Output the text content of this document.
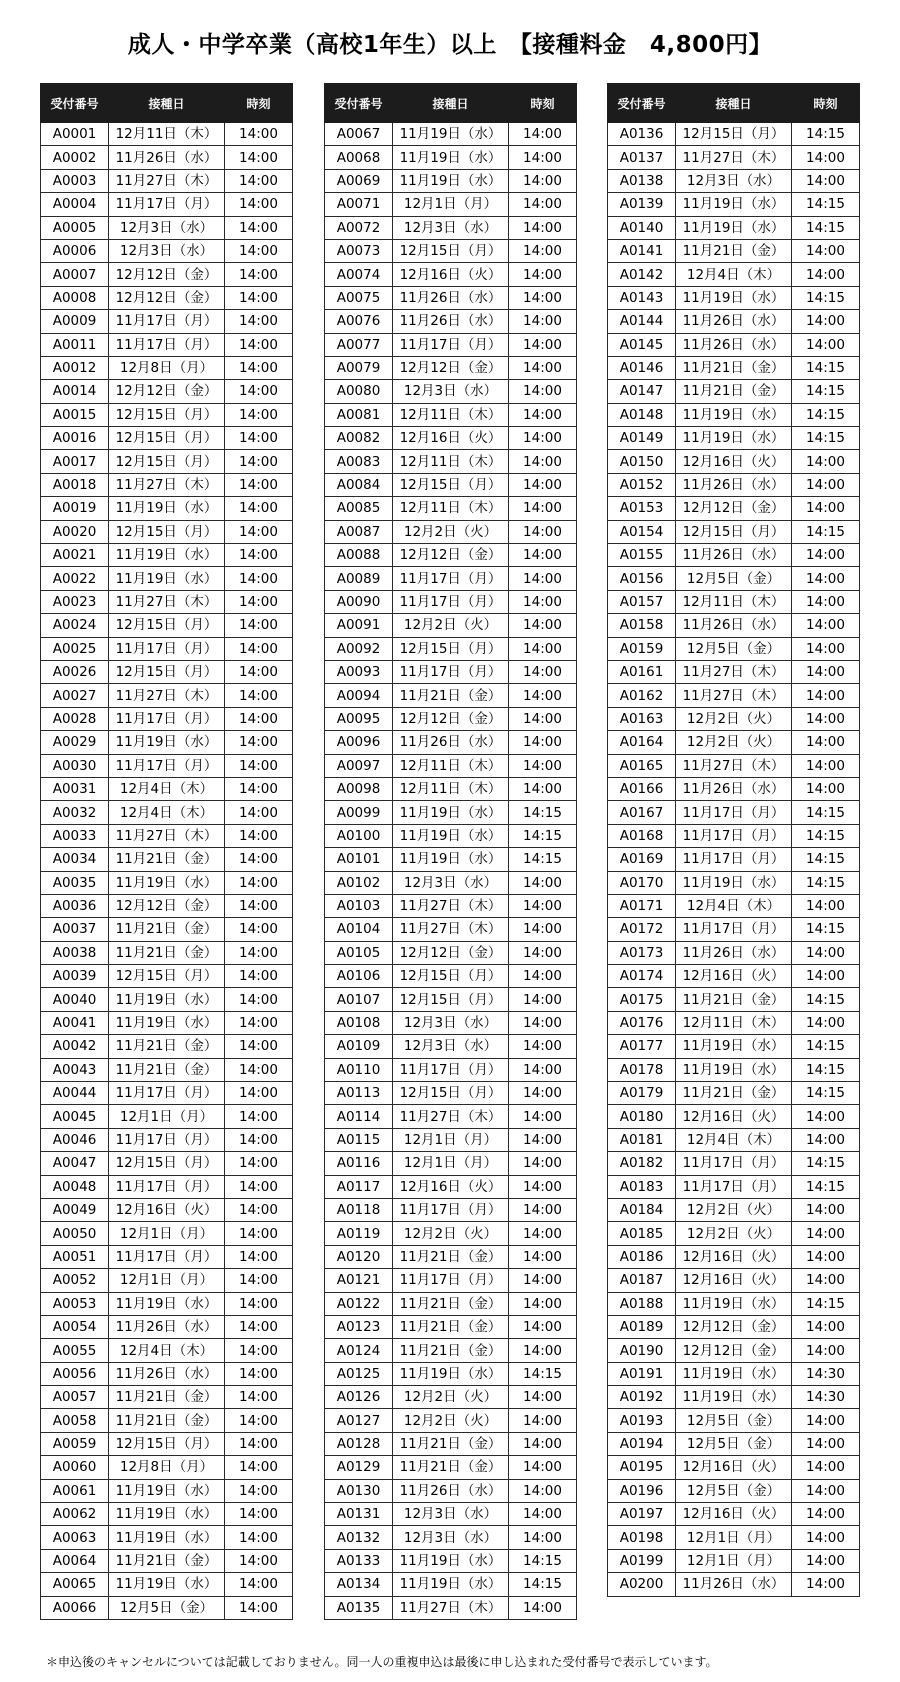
成人・中学卒業（高校1年生）以上　【接種料金　4,800円】
受付番号	接種日	時刻
A0001	12月11日（木）	14:00
A0002	11月26日（水）	14:00
A0003	11月27日（木）	14:00
A0004	11月17日（月）	14:00
A0005	12月3日（水）	14:00
A0006	12月3日（水）	14:00
A0007	12月12日（金）	14:00
A0008	12月12日（金）	14:00
A0009	11月17日（月）	14:00
A0011	11月17日（月）	14:00
A0012	12月8日（月）	14:00
A0014	12月12日（金）	14:00
A0015	12月15日（月）	14:00
A0016	12月15日（月）	14:00
A0017	12月15日（月）	14:00
A0018	11月27日（木）	14:00
A0019	11月19日（水）	14:00
A0020	12月15日（月）	14:00
A0021	11月19日（水）	14:00
A0022	11月19日（水）	14:00
A0023	11月27日（木）	14:00
A0024	12月15日（月）	14:00
A0025	11月17日（月）	14:00
A0026	12月15日（月）	14:00
A0027	11月27日（木）	14:00
A0028	11月17日（月）	14:00
A0029	11月19日（水）	14:00
A0030	11月17日（月）	14:00
A0031	12月4日（木）	14:00
A0032	12月4日（木）	14:00
A0033	11月27日（木）	14:00
A0034	11月21日（金）	14:00
A0035	11月19日（水）	14:00
A0036	12月12日（金）	14:00
A0037	11月21日（金）	14:00
A0038	11月21日（金）	14:00
A0039	12月15日（月）	14:00
A0040	11月19日（水）	14:00
A0041	11月19日（水）	14:00
A0042	11月21日（金）	14:00
A0043	11月21日（金）	14:00
A0044	11月17日（月）	14:00
A0045	12月1日（月）	14:00
A0046	11月17日（月）	14:00
A0047	12月15日（月）	14:00
A0048	11月17日（月）	14:00
A0049	12月16日（火）	14:00
A0050	12月1日（月）	14:00
A0051	11月17日（月）	14:00
A0052	12月1日（月）	14:00
A0053	11月19日（水）	14:00
A0054	11月26日（水）	14:00
A0055	12月4日（木）	14:00
A0056	11月26日（水）	14:00
A0057	11月21日（金）	14:00
A0058	11月21日（金）	14:00
A0059	12月15日（月）	14:00
A0060	12月8日（月）	14:00
A0061	11月19日（水）	14:00
A0062	11月19日（水）	14:00
A0063	11月19日（水）	14:00
A0064	11月21日（金）	14:00
A0065	11月19日（水）	14:00
A0066	12月5日（金）	14:00
受付番号	接種日	時刻
A0067	11月19日（水）	14:00
A0068	11月19日（水）	14:00
A0069	11月19日（水）	14:00
A0071	12月1日（月）	14:00
A0072	12月3日（水）	14:00
A0073	12月15日（月）	14:00
A0074	12月16日（火）	14:00
A0075	11月26日（水）	14:00
A0076	11月26日（水）	14:00
A0077	11月17日（月）	14:00
A0079	12月12日（金）	14:00
A0080	12月3日（水）	14:00
A0081	12月11日（木）	14:00
A0082	12月16日（火）	14:00
A0083	12月11日（木）	14:00
A0084	12月15日（月）	14:00
A0085	12月11日（木）	14:00
A0087	12月2日（火）	14:00
A0088	12月12日（金）	14:00
A0089	11月17日（月）	14:00
A0090	11月17日（月）	14:00
A0091	12月2日（火）	14:00
A0092	12月15日（月）	14:00
A0093	11月17日（月）	14:00
A0094	11月21日（金）	14:00
A0095	12月12日（金）	14:00
A0096	11月26日（水）	14:00
A0097	12月11日（木）	14:00
A0098	12月11日（木）	14:00
A0099	11月19日（水）	14:15
A0100	11月19日（水）	14:15
A0101	11月19日（水）	14:15
A0102	12月3日（水）	14:00
A0103	11月27日（木）	14:00
A0104	11月27日（木）	14:00
A0105	12月12日（金）	14:00
A0106	12月15日（月）	14:00
A0107	12月15日（月）	14:00
A0108	12月3日（水）	14:00
A0109	12月3日（水）	14:00
A0110	11月17日（月）	14:00
A0113	12月15日（月）	14:00
A0114	11月27日（木）	14:00
A0115	12月1日（月）	14:00
A0116	12月1日（月）	14:00
A0117	12月16日（火）	14:00
A0118	11月17日（月）	14:00
A0119	12月2日（火）	14:00
A0120	11月21日（金）	14:00
A0121	11月17日（月）	14:00
A0122	11月21日（金）	14:00
A0123	11月21日（金）	14:00
A0124	11月21日（金）	14:00
A0125	11月19日（水）	14:15
A0126	12月2日（火）	14:00
A0127	12月2日（火）	14:00
A0128	11月21日（金）	14:00
A0129	11月21日（金）	14:00
A0130	11月26日（水）	14:00
A0131	12月3日（水）	14:00
A0132	12月3日（水）	14:00
A0133	11月19日（水）	14:15
A0134	11月19日（水）	14:15
A0135	11月27日（木）	14:00
受付番号	接種日	時刻
A0136	12月15日（月）	14:15
A0137	11月27日（木）	14:00
A0138	12月3日（水）	14:00
A0139	11月19日（水）	14:15
A0140	11月19日（水）	14:15
A0141	11月21日（金）	14:00
A0142	12月4日（木）	14:00
A0143	11月19日（水）	14:15
A0144	11月26日（水）	14:00
A0145	11月26日（水）	14:00
A0146	11月21日（金）	14:15
A0147	11月21日（金）	14:15
A0148	11月19日（水）	14:15
A0149	11月19日（水）	14:15
A0150	12月16日（火）	14:00
A0152	11月26日（水）	14:00
A0153	12月12日（金）	14:00
A0154	12月15日（月）	14:15
A0155	11月26日（水）	14:00
A0156	12月5日（金）	14:00
A0157	12月11日（木）	14:00
A0158	11月26日（水）	14:00
A0159	12月5日（金）	14:00
A0161	11月27日（木）	14:00
A0162	11月27日（木）	14:00
A0163	12月2日（火）	14:00
A0164	12月2日（火）	14:00
A0165	11月27日（木）	14:00
A0166	11月26日（水）	14:00
A0167	11月17日（月）	14:15
A0168	11月17日（月）	14:15
A0169	11月17日（月）	14:15
A0170	11月19日（水）	14:15
A0171	12月4日（木）	14:00
A0172	11月17日（月）	14:15
A0173	11月26日（水）	14:00
A0174	12月16日（火）	14:00
A0175	11月21日（金）	14:15
A0176	12月11日（木）	14:00
A0177	11月19日（水）	14:15
A0178	11月19日（水）	14:15
A0179	11月21日（金）	14:15
A0180	12月16日（火）	14:00
A0181	12月4日（木）	14:00
A0182	11月17日（月）	14:15
A0183	11月17日（月）	14:15
A0184	12月2日（火）	14:00
A0185	12月2日（火）	14:00
A0186	12月16日（火）	14:00
A0187	12月16日（火）	14:00
A0188	11月19日（水）	14:15
A0189	12月12日（金）	14:00
A0190	12月12日（金）	14:00
A0191	11月19日（水）	14:30
A0192	11月19日（水）	14:30
A0193	12月5日（金）	14:00
A0194	12月5日（金）	14:00
A0195	12月16日（火）	14:00
A0196	12月5日（金）	14:00
A0197	12月16日（火）	14:00
A0198	12月1日（月）	14:00
A0199	12月1日（月）	14:00
A0200	11月26日（水）	14:00
＊申込後のキャンセルについては記載しておりません。同一人の重複申込は最後に申し込まれた受付番号で表示しています。
